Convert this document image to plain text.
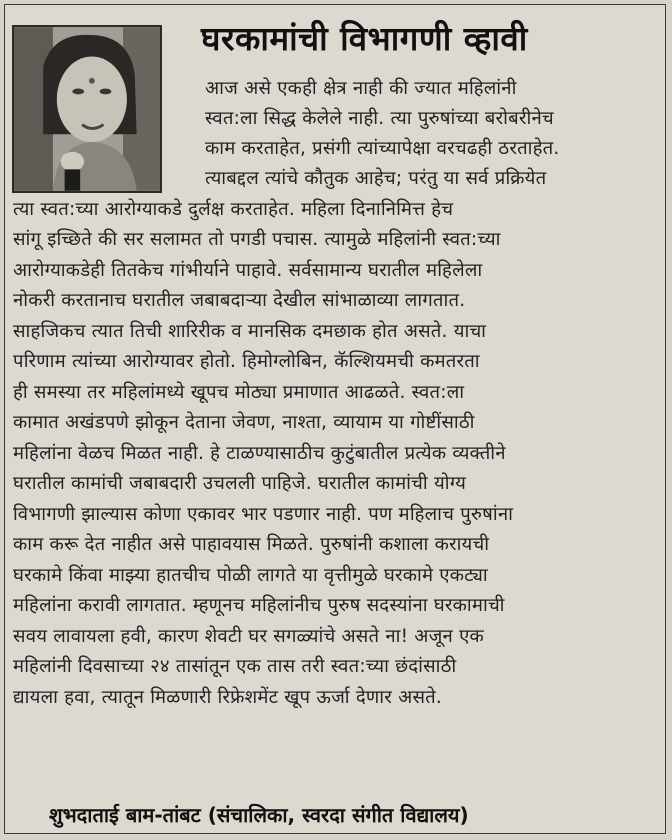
घरकामांची विभागणी व्हावी
आज असे एकही क्षेत्र नाही की ज्यात महिलांनी
स्वत:ला सिद्ध केलेले नाही. त्या पुरुषांच्या बरोबरीनेच
काम करताहेत, प्रसंगी त्यांच्यापेक्षा वरचढही ठरताहेत.
त्याबद्दल त्यांचे कौतुक आहेच; परंतु या सर्व प्रक्रियेत
त्या स्वत:च्या आरोग्याकडे दुर्लक्ष करताहेत. महिला दिनानिमित्त हेच
सांगू इच्छिते की सर सलामत तो पगडी पचास. त्यामुळे महिलांनी स्वत:च्या
आरोग्याकडेही तितकेच गांभीर्याने पाहावे. सर्वसामान्य घरातील महिलेला
नोकरी करतानाच घरातील जबाबदाऱ्या देखील सांभाळाव्या लागतात.
साहजिकच त्यात तिची शारिरीक व मानसिक दमछाक होत असते. याचा
परिणाम त्यांच्या आरोग्यावर होतो. हिमोग्लोबिन, कॅल्शियमची कमतरता
ही समस्या तर महिलांमध्ये खूपच मोठ्या प्रमाणात आढळते. स्वत:ला
कामात अखंडपणे झोकून देताना जेवण, नाश्ता, व्यायाम या गोष्टींसाठी
महिलांना वेळच मिळत नाही. हे टाळण्यासाठीच कुटुंबातील प्रत्येक व्यक्तीने
घरातील कामांची जबाबदारी उचलली पाहिजे. घरातील कामांची योग्य
विभागणी झाल्यास कोणा एकावर भार पडणार नाही. पण महिलाच पुरुषांना
काम करू देत नाहीत असे पाहावयास मिळते. पुरुषांनी कशाला करायची
घरकामे किंवा माझ्या हातचीच पोळी लागते या वृत्तीमुळे घरकामे एकट्या
महिलांना करावी लागतात. म्हणूनच महिलांनीच पुरुष सदस्यांना घरकामाची
सवय लावायला हवी, कारण शेवटी घर सगळ्यांचे असते ना! अजून एक
महिलांनी दिवसाच्या २४ तासांतून एक तास तरी स्वत:च्या छंदांसाठी
द्यायला हवा, त्यातून मिळणारी रिफ्रेशमेंट खूप ऊर्जा देणार असते.
शुभदाताई बाम-तांबट (संचालिका, स्वरदा संगीत विद्यालय)
